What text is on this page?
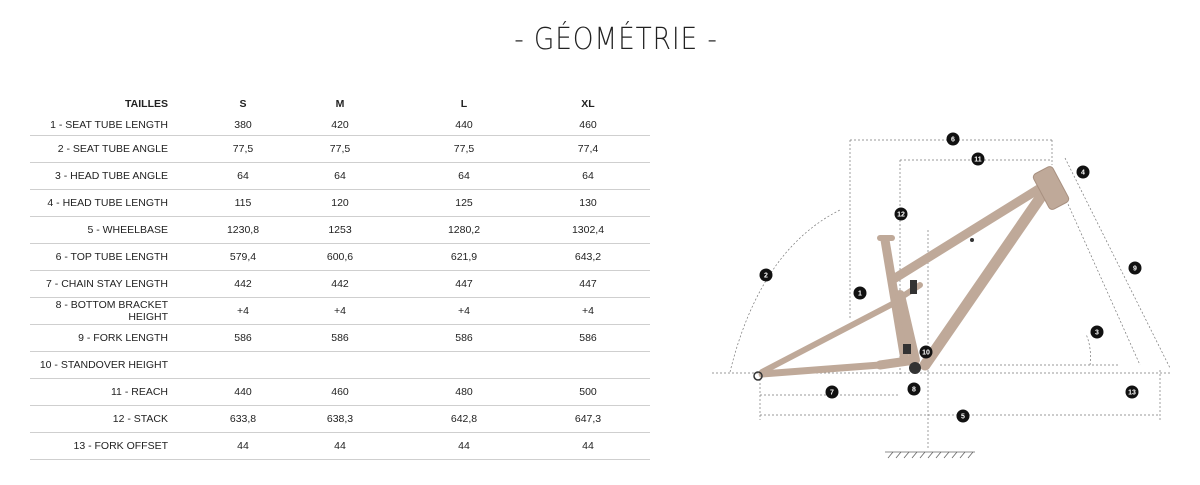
- GÉOMÉTRIE -
TAILLES	S	M	L	XL
1 - SEAT TUBE LENGTH	380	420	440	460
2 - SEAT TUBE ANGLE	77,5	77,5	77,5	77,4
3 - HEAD TUBE ANGLE	64	64	64	64
4 - HEAD TUBE LENGTH	115	120	125	130
5 - WHEELBASE	1230,8	1253	1280,2	1302,4
6 - TOP TUBE LENGTH	579,4	600,6	621,9	643,2
7 - CHAIN STAY LENGTH	442	442	447	447
8 - BOTTOM BRACKET HEIGHT	+4	+4	+4	+4
9 - FORK LENGTH	586	586	586	586
10 - STANDOVER HEIGHT				
11 - REACH	440	460	480	500
12 - STACK	633,8	638,3	642,8	647,3
13 - FORK OFFSET	44	44	44	44
1
2
3
4
5
6
7	8
9
10
11
12
13
